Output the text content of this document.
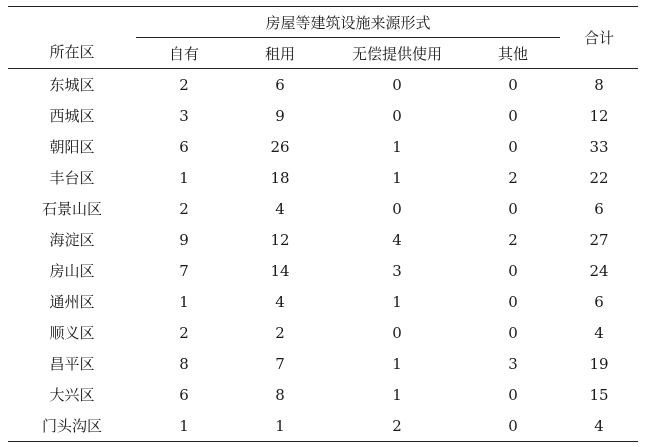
所在区	房屋等建筑设施来源形式				合计
	自有	租用	无偿提供使用	其他	
东城区	2	6	0	0	8
西城区	3	9	0	0	12
朝阳区	6	26	1	0	33
丰台区	1	18	1	2	22
石景山区	2	4	0	0	6
海淀区	9	12	4	2	27
房山区	7	14	3	0	24
通州区	1	4	1	0	6
顺义区	2	2	0	0	4
昌平区	8	7	1	3	19
大兴区	6	8	1	0	15
门头沟区	1	1	2	0	4
